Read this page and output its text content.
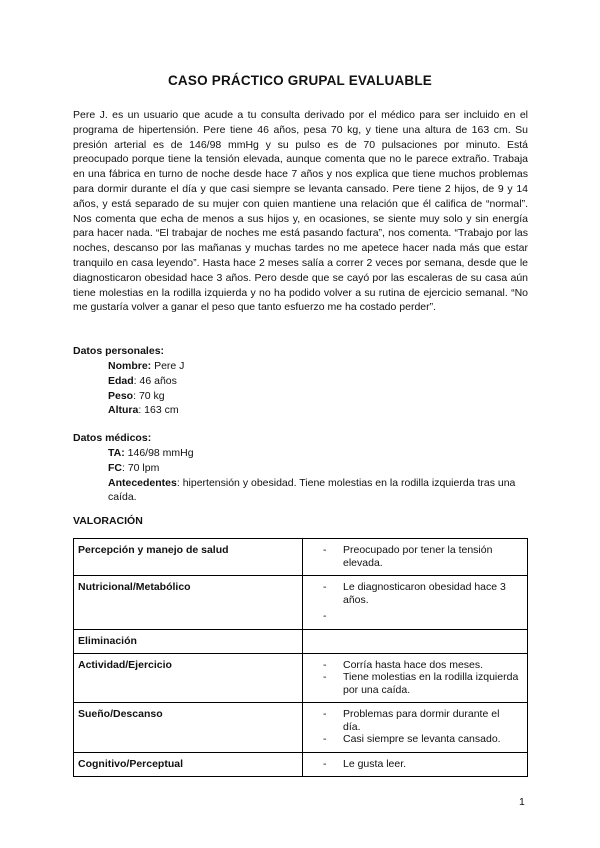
CASO PRÁCTICO GRUPAL EVALUABLE

Pere J. es un usuario que acude a tu consulta derivado por el médico para ser incluido en el programa de hipertensión. Pere tiene 46 años, pesa 70 kg, y tiene una altura de 163 cm. Su presión arterial es de 146/98 mmHg y su pulso es de 70 pulsaciones por minuto. Está preocupado porque tiene la tensión elevada, aunque comenta que no le parece extraño. Trabaja en una fábrica en turno de noche desde hace 7 años y nos explica que tiene muchos problemas para dormir durante el día y que casi siempre se levanta cansado. Pere tiene 2 hijos, de 9 y 14 años, y está separado de su mujer con quien mantiene una relación que él califica de “normal”. Nos comenta que echa de menos a sus hijos y, en ocasiones, se siente muy solo y sin energía para hacer nada. “El trabajar de noches me está pasando factura”, nos comenta. “Trabajo por las noches, descanso por las mañanas y muchas tardes no me apetece hacer nada más que estar tranquilo en casa leyendo”. Hasta hace 2 meses salía a correr 2 veces por semana, desde que le diagnosticaron obesidad hace 3 años. Pero desde que se cayó por las escaleras de su casa aún tiene molestias en la rodilla izquierda y no ha podido volver a su rutina de ejercicio semanal. “No me gustaría volver a ganar el peso que tanto esfuerzo me ha costado perder”.

Datos personales:
Nombre: Pere J
Edad: 46 años
Peso: 70 kg
Altura: 163 cm
Datos médicos:
TA: 146/98 mmHg
FC: 70 lpm
Antecedentes: hipertensión y obesidad. Tiene molestias en la rodilla izquierda tras una caída.
VALORACIÓN
Percepción y manejo de salud	- Preocupado por tener la tensión elevada.

Nutricional/Metabólico	- Le diagnosticaron obesidad hace 3 años.
-

Eliminación	
Actividad/Ejercicio	- Corría hasta hace dos meses.
- Tiene molestias en la rodilla izquierda por una caída.

Sueño/Descanso	- Problemas para dormir durante el día.
- Casi siempre se levanta cansado.

Cognitivo/Perceptual	- Le gusta leer.
1
